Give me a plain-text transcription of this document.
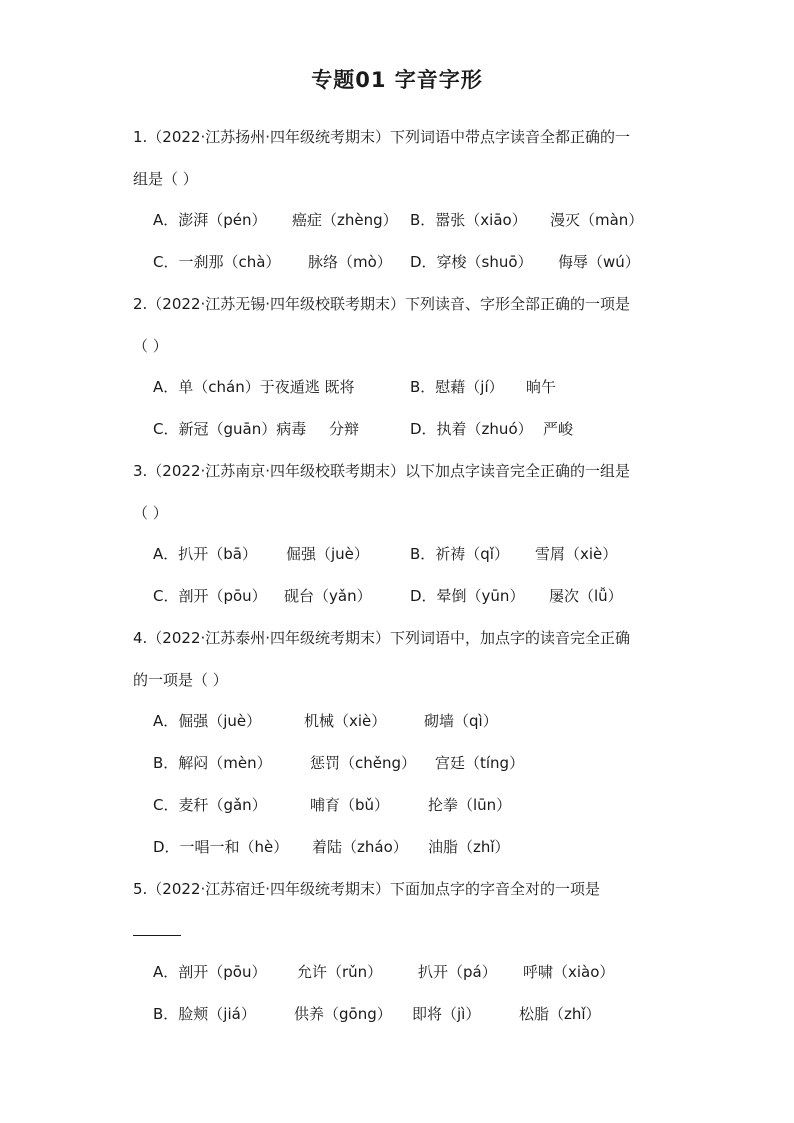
专题01 字音字形
1.（2022·江苏扬州·四年级统考期末）下列词语中带点字读音全都正确的一
组是（ ）
A．澎湃（pén） 癌症（zhèng） B．嚣张（xiāo） 漫灭（màn）
C．一刹那（chà） 脉络（mò） D．穿梭（shuō） 侮辱（wú）
2.（2022·江苏无锡·四年级校联考期末）下列读音、字形全部正确的一项是
（ ）
A．单（chán）于夜遁逃 既将	B．慰藉（jí） 晌午
C．新冠（guān）病毒 分辩	D．执着（zhuó） 严峻
3.（2022·江苏南京·四年级校联考期末）以下加点字读音完全正确的一组是
（ ）
A．扒开（bā） 倔强（juè）	B．祈祷（qǐ） 雪屑（xiè）
C．剖开（pōu） 砚台（yǎn）	D．晕倒（yūn） 屡次（lǚ）
4.（2022·江苏泰州·四年级统考期末）下列词语中，加点字的读音完全正确
的一项是（ ）
A．倔强（juè）	机械（xiè）	砌墙（qì）
B．解闷（mèn）	惩罚（chěng） 宫廷（tíng）
C．麦秆（gǎn）	哺育（bǔ）	抡拳（lūn）
D．一唱一和（hè） 着陆（zháo） 油脂（zhǐ）
5.（2022·江苏宿迁·四年级统考期末）下面加点字的字音全对的一项是
A．剖开（pōu） 允许（rǔn） 扒开（pá） 呼啸（xiào）
B．脸颊（jiá）	供养（gōng） 即将（jì）	松脂（zhǐ）
